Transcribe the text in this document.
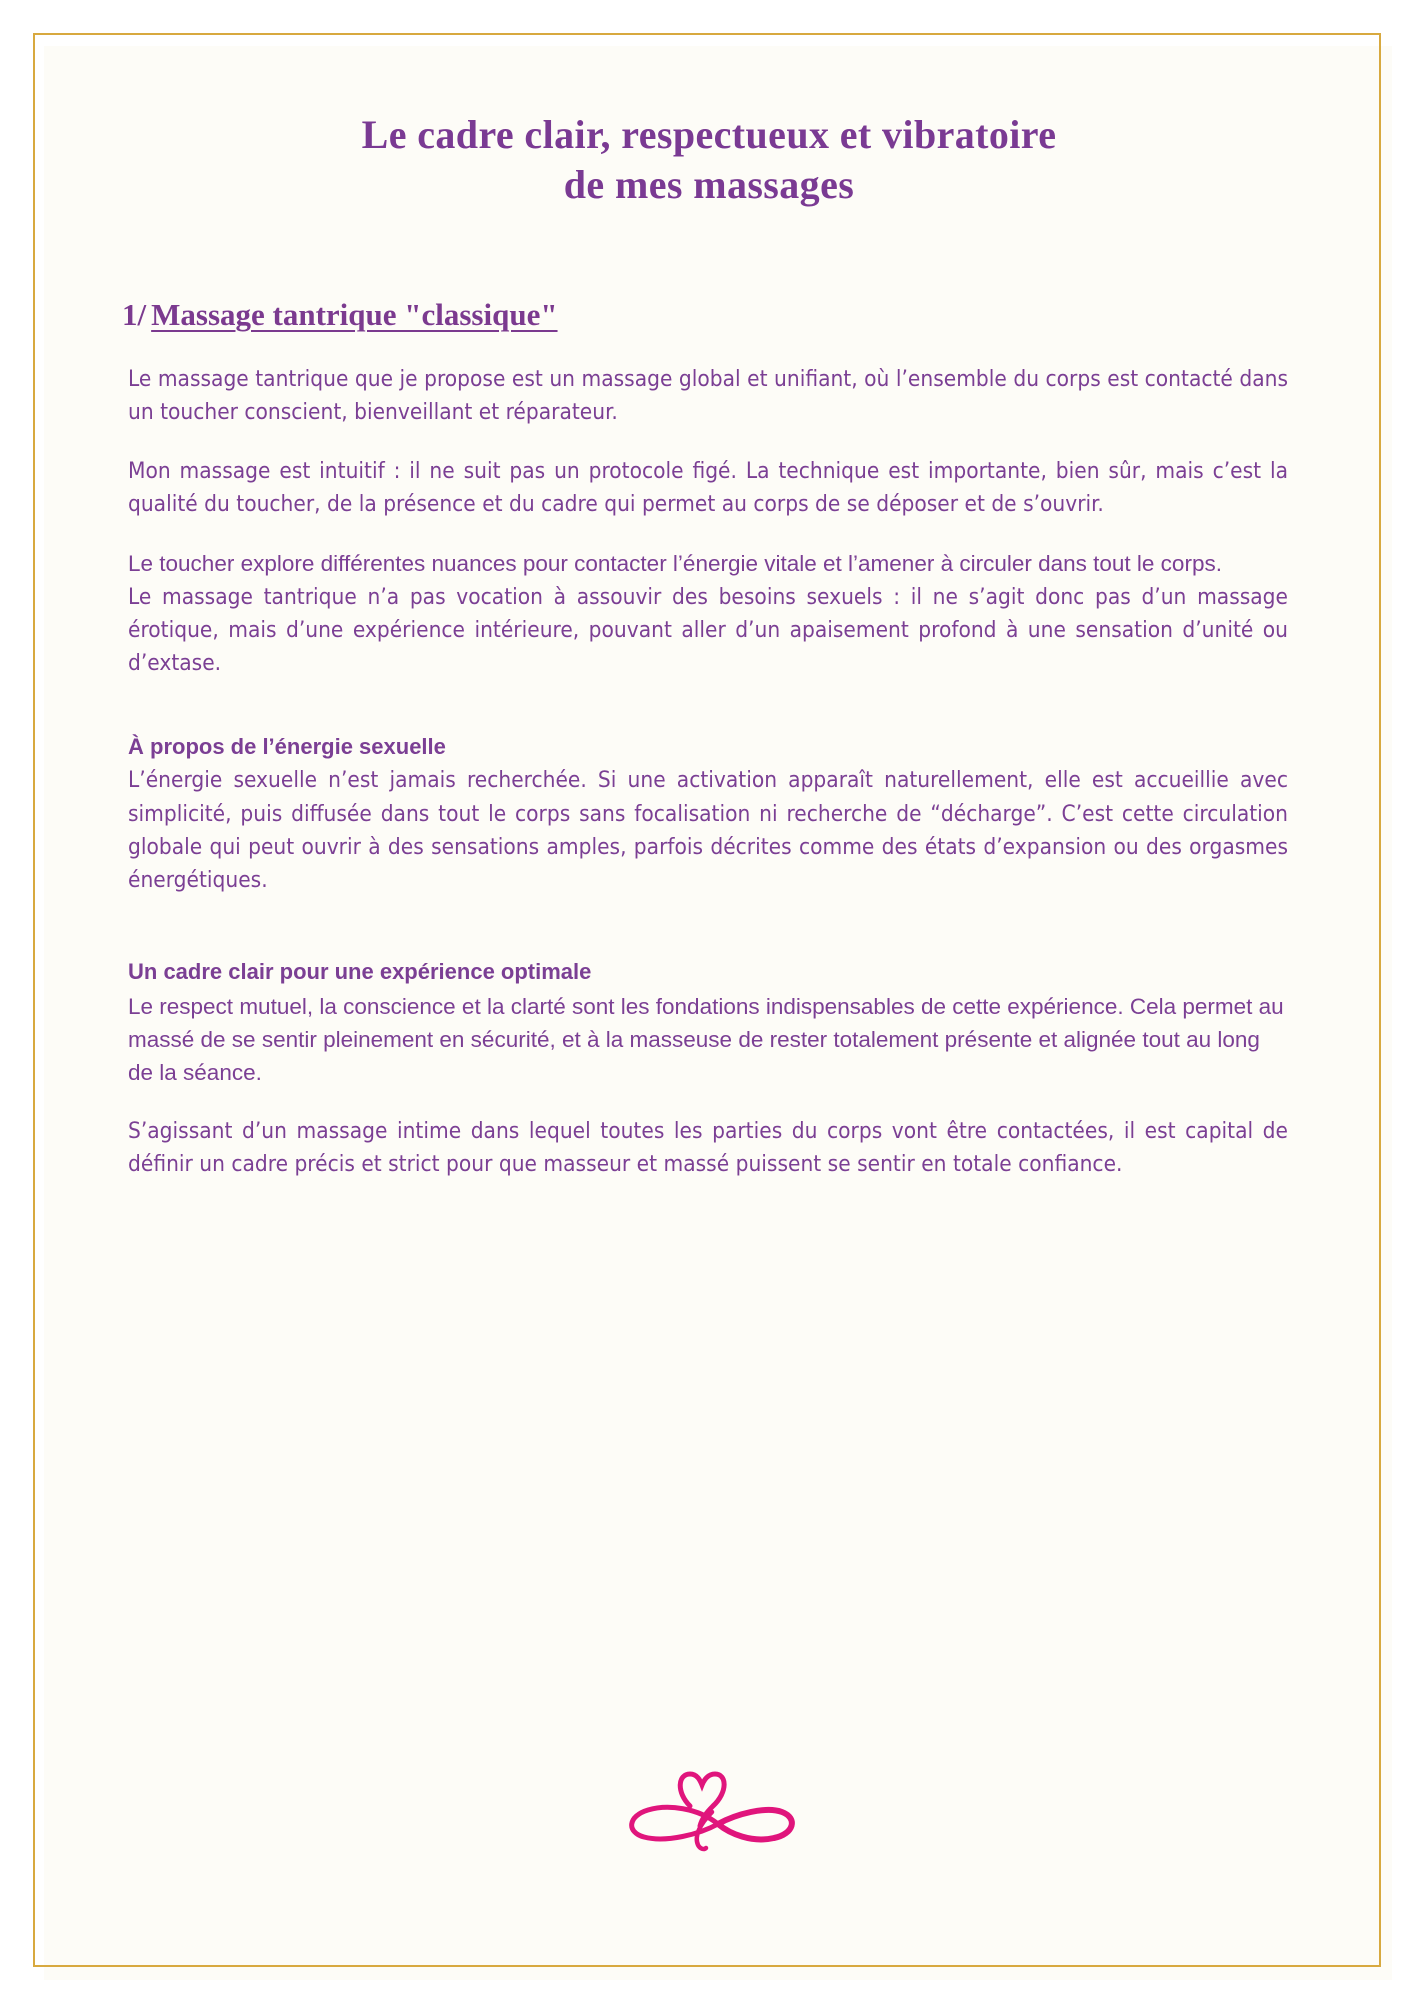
Le cadre clair, respectueux et vibratoire
de mes massages
1/ Massage tantrique "classique"

Le massage tantrique que je propose est un massage global et unifiant, où l’ensemble du corps est contacté dans un toucher conscient, bienveillant et réparateur.

Mon massage est intuitif : il ne suit pas un protocole figé. La technique est importante, bien sûr, mais c’est la qualité du toucher, de la présence et du cadre qui permet au corps de se déposer et de s’ouvrir.

Le toucher explore différentes nuances pour contacter l’énergie vitale et l’amener à circuler dans tout le corps.

Le massage tantrique n’a pas vocation à assouvir des besoins sexuels : il ne s’agit donc pas d’un massage érotique, mais d’une expérience intérieure, pouvant aller d’un apaisement profond à une sensation d’unité ou d’extase.

À propos de l’énergie sexuelle

L’énergie sexuelle n’est jamais recherchée. Si une activation apparaît naturellement, elle est accueillie avec simplicité, puis diffusée dans tout le corps sans focalisation ni recherche de “décharge”. C’est cette circulation globale qui peut ouvrir à des sensations amples, parfois décrites comme des états d’expansion ou des orgasmes énergétiques.

Un cadre clair pour une expérience optimale

Le respect mutuel, la conscience et la clarté sont les fondations indispensables de cette expérience. Cela permet au massé de se sentir pleinement en sécurité, et à la masseuse de rester totalement présente et alignée tout au long de la séance.

S’agissant d’un massage intime dans lequel toutes les parties du corps vont être contactées, il est capital de définir un cadre précis et strict pour que masseur et massé puissent se sentir en totale confiance.
